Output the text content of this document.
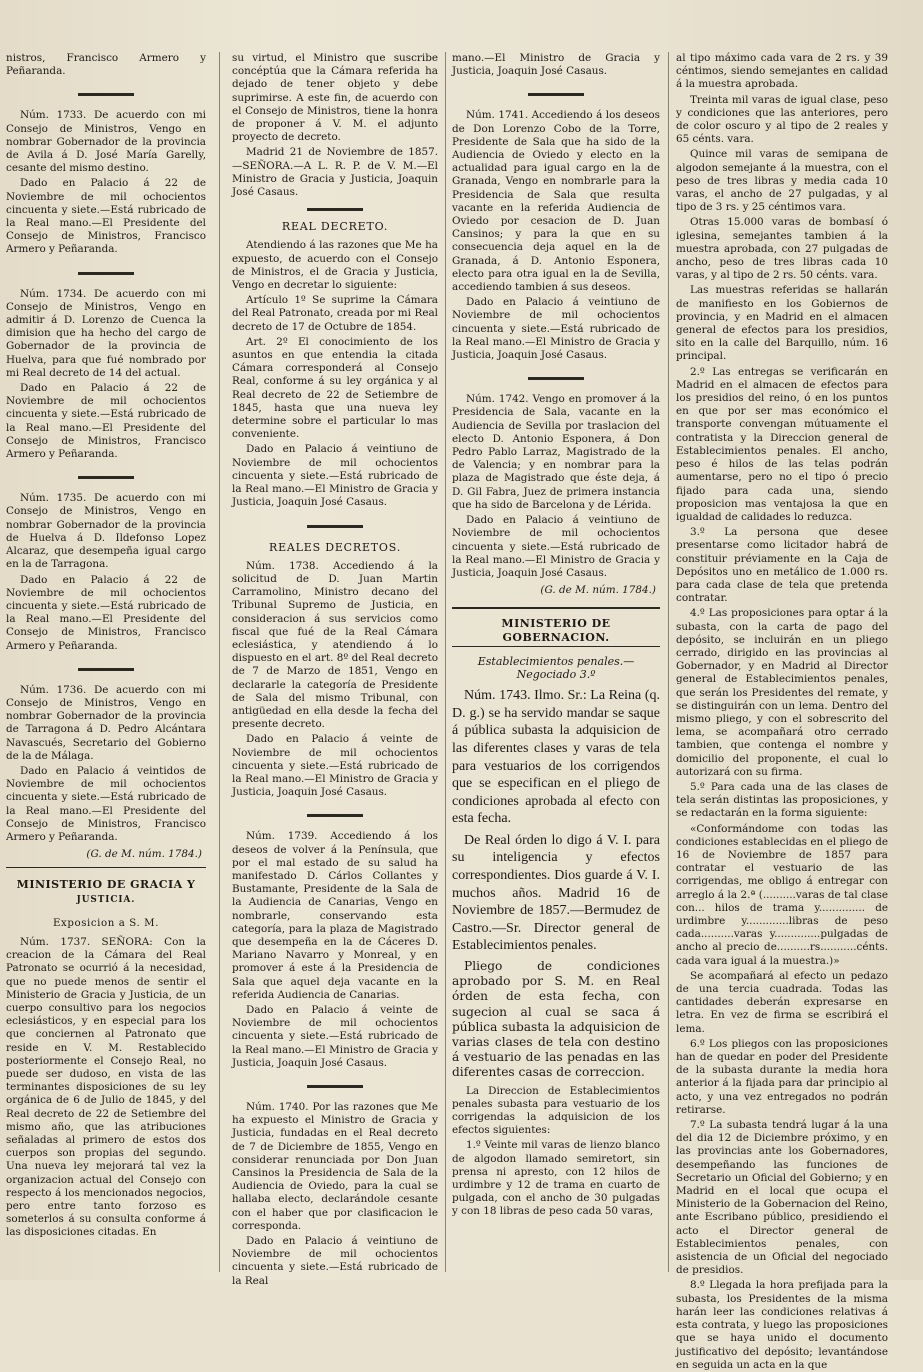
nistros, Francisco Armero y Peñaranda.

Núm. 1733. De acuerdo con mi Consejo de Ministros, Vengo en nombrar Gobernador de la provincia de Avila á D. José María Garelly, cesante del mismo destino.

Dado en Palacio á 22 de Noviembre de mil ochocientos cincuenta y siete.—Está rubricado de la Real mano.—El Presidente del Consejo de Ministros, Francisco Armero y Peñaranda.

Núm. 1734. De acuerdo con mi Consejo de Ministros, Vengo en admitir á D. Lorenzo de Cuenca la dimision que ha hecho del cargo de Gobernador de la provincia de Huelva, para que fué nombrado por mi Real decreto de 14 del actual.

Dado en Palacio á 22 de Noviembre de mil ochocientos cincuenta y siete.—Está rubricado de la Real mano.—El Presidente del Consejo de Ministros, Francisco Armero y Peñaranda.

Núm. 1735. De acuerdo con mi Consejo de Ministros, Vengo en nombrar Gobernador de la provincia de Huelva á D. Ildefonso Lopez Alcaraz, que desempeña igual cargo en la de Tarragona.

Dado en Palacio á 22 de Noviembre de mil ochocientos cincuenta y siete.—Está rubricado de la Real mano.—El Presidente del Consejo de Ministros, Francisco Armero y Peñaranda.

Núm. 1736. De acuerdo con mi Consejo de Ministros, Vengo en nombrar Gobernador de la provincia de Tarragona á D. Pedro Alcántara Navascués, Secretario del Gobierno de la de Málaga.

Dado en Palacio á veintidos de Noviembre de mil ochocientos cincuenta y siete.—Está rubricado de la Real mano.—El Presidente del Consejo de Ministros, Francisco Armero y Peñaranda.

(G. de M. núm. 1784.)

MINISTERIO DE GRACIA Y
JUSTICIA.
Exposicion a S. M.

Núm. 1737. SEÑORA: Con la creacion de la Cámara del Real Patronato se ocurrió á la necesidad, que no puede menos de sentir el Ministerio de Gracia y Justicia, de un cuerpo consultivo para los negocios eclesiásticos, y en especial para los que conciernen al Patronato que reside en V. M. Restablecido posteriormente el Consejo Real, no puede ser dudoso, en vista de las terminantes disposiciones de su ley orgánica de 6 de Julio de 1845, y del Real decreto de 22 de Setiembre del mismo año, que las atribuciones señaladas al primero de estos dos cuerpos son propias del segundo. Una nueva ley mejorará tal vez la organizacion actual del Consejo con respecto á los mencionados negocios, pero entre tanto forzoso es someterlos á su consulta conforme á las disposiciones citadas. En

su virtud, el Ministro que suscribe concéptúa que la Cámara referida ha dejado de tener objeto y debe suprimirse. A este fin, de acuerdo con el Consejo de Ministros, tiene la honra de proponer á V. M. el adjunto proyecto de decreto.

Madrid 21 de Noviembre de 1857.—SEÑORA.—A L. R. P. de V. M.—El Ministro de Gracia y Justicia, Joaquin José Casaus.

REAL DECRETO.

Atendiendo á las razones que Me ha expuesto, de acuerdo con el Consejo de Ministros, el de Gracia y Justicia, Vengo en decretar lo siguiente:

Artículo 1º Se suprime la Cámara del Real Patronato, creada por mi Real decreto de 17 de Octubre de 1854.

Art. 2º El conocimiento de los asuntos en que entendia la citada Cámara corresponderá al Consejo Real, conforme á su ley orgánica y al Real decreto de 22 de Setiembre de 1845, hasta que una nueva ley determine sobre el particular lo mas conveniente.

Dado en Palacio á veintiuno de Noviembre de mil ochocientos cincuenta y siete.—Está rubricado de la Real mano.—El Ministro de Gracia y Justicia, Joaquin José Casaus.

REALES DECRETOS.

Núm. 1738. Accediendo á la solicitud de D. Juan Martin Carramolino, Ministro decano del Tribunal Supremo de Justicia, en consideracion á sus servicios como fiscal que fué de la Real Cámara eclesiástica, y atendiendo á lo dispuesto en el art. 8º del Real decreto de 7 de Marzo de 1851, Vengo en declararle la categoría de Presidente de Sala del mismo Tribunal, con antigüedad en ella desde la fecha del presente decreto.

Dado en Palacio á veinte de Noviembre de mil ochocientos cincuenta y siete.—Está rubricado de la Real mano.—El Ministro de Gracia y Justicia, Joaquin José Casaus.

Núm. 1739. Accediendo á los deseos de volver á la Península, que por el mal estado de su salud ha manifestado D. Cárlos Collantes y Bustamante, Presidente de la Sala de la Audiencia de Canarias, Vengo en nombrarle, conservando esta categoría, para la plaza de Magistrado que desempeña en la de Cáceres D. Mariano Navarro y Monreal, y en promover á este á la Presidencia de Sala que aquel deja vacante en la referida Audiencia de Canarias.

Dado en Palacio á veinte de Noviembre de mil ochocientos cincuenta y siete.—Está rubricado de la Real mano.—El Ministro de Gracia y Justicia, Joaquin José Casaus.

Núm. 1740. Por las razones que Me ha expuesto el Ministro de Gracia y Justicia, fundadas en el Real decreto de 7 de Diciembre de 1855, Vengo en considerar renunciada por Don Juan Cansinos la Presidencia de Sala de la Audiencia de Oviedo, para la cual se hallaba electo, declarándole cesante con el haber que por clasificacion le corresponda.

Dado en Palacio á veintiuno de Noviembre de mil ochocientos cincuenta y siete.—Está rubricado de la Real

mano.—El Ministro de Gracia y Justicia, Joaquin José Casaus.

Núm. 1741. Accediendo á los deseos de Don Lorenzo Cobo de la Torre, Presidente de Sala que ha sido de la Audiencia de Oviedo y electo en la actualidad para igual cargo en la de Granada, Vengo en nombrarle para la Presidencia de Sala que resulta vacante en la referida Audiencia de Oviedo por cesacion de D. Juan Cansinos; y para la que en su consecuencia deja aquel en la de Granada, á D. Antonio Esponera, electo para otra igual en la de Sevilla, accediendo tambien á sus deseos.

Dado en Palacio á veintiuno de Noviembre de mil ochocientos cincuenta y siete.—Está rubricado de la Real mano.—El Ministro de Gracia y Justicia, Joaquin José Casaus.

Núm. 1742. Vengo en promover á la Presidencia de Sala, vacante en la Audiencia de Sevilla por traslacion del electo D. Antonio Esponera, á Don Pedro Pablo Larraz, Magistrado de la de Valencia; y en nombrar para la plaza de Magistrado que éste deja, á D. Gil Fabra, Juez de primera instancia que ha sido de Barcelona y de Lérida.

Dado en Palacio á veintiuno de Noviembre de mil ochocientos cincuenta y siete.—Está rubricado de la Real mano.—El Ministro de Gracia y Justicia, Joaquin José Casaus.

(G. de M. núm. 1784.)

MINISTERIO DE GOBERNACION.

Establecimientos penales.—Negociado 3.º

Núm. 1743. Ilmo. Sr.: La Reina (q. D. g.) se ha servido mandar se saque á pública subasta la adquisicion de las diferentes clases y varas de tela para vestuarios de los corrigendos que se especifican en el pliego de condiciones aprobada al efecto con esta fecha.

De Real órden lo digo á V. I. para su inteligencia y efectos correspondientes. Dios guarde á V. I. muchos años. Madrid 16 de Noviembre de 1857.—Bermudez de Castro.—Sr. Director general de Establecimientos penales.

Pliego de condiciones aprobado por S. M. en Real órden de esta fecha, con sugecion al cual se saca á pública subasta la adquisicion de varias clases de tela con destino á vestuario de las penadas en las diferentes casas de correccion.

La Direccion de Establecimientos penales subasta para vestuario de los corrigendas la adquisicion de los efectos siguientes:

1.º Veinte mil varas de lienzo blanco de algodon llamado semiretort, sin prensa ni apresto, con 12 hilos de urdimbre y 12 de trama en cuarto de pulgada, con el ancho de 30 pulgadas y con 18 libras de peso cada 50 varas,

al tipo máximo cada vara de 2 rs. y 39 céntimos, siendo semejantes en calidad á la muestra aprobada.

Treinta mil varas de igual clase, peso y condiciones que las anteriores, pero de color oscuro y al tipo de 2 reales y 65 cénts. vara.

Quince mil varas de semipana de algodon semejante á la muestra, con el peso de tres libras y media cada 10 varas, el ancho de 27 pulgadas, y al tipo de 3 rs. y 25 céntimos vara.

Otras 15.000 varas de bombasí ó iglesina, semejantes tambien á la muestra aprobada, con 27 pulgadas de ancho, peso de tres libras cada 10 varas, y al tipo de 2 rs. 50 cénts. vara.

Las muestras referidas se hallarán de manifiesto en los Gobiernos de provincia, y en Madrid en el almacen general de efectos para los presidios, sito en la calle del Barquillo, núm. 16 principal.

2.º Las entregas se verificarán en Madrid en el almacen de efectos para los presidios del reino, ó en los puntos en que por ser mas económico el transporte convengan mútuamente el contratista y la Direccion general de Establecimientos penales. El ancho, peso é hilos de las telas podrán aumentarse, pero no el tipo ó precio fijado para cada una, siendo proposicion mas ventajosa la que en igualdad de calidades lo reduzca.

3.º La persona que desee presentarse como licitador habrá de constituir préviamente en la Caja de Depósitos uno en metálico de 1.000 rs. para cada clase de tela que pretenda contratar.

4.º Las proposiciones para optar á la subasta, con la carta de pago del depósito, se incluirán en un pliego cerrado, dirigido en las provincias al Gobernador, y en Madrid al Director general de Establecimientos penales, que serán los Presidentes del remate, y se distinguirán con un lema. Dentro del mismo pliego, y con el sobrescrito del lema, se acompañará otro cerrado tambien, que contenga el nombre y domicilio del proponente, el cual lo autorizará con su firma.

5.º Para cada una de las clases de tela serán distintas las proposiciones, y se redactarán en la forma siguiente:

«Conformándome con todas las condiciones establecidas en el pliego de 16 de Noviembre de 1857 para contratar el vestuario de las corrigendas, me obligo á entregar con arreglo á la 2.ª (..........varas de tal clase con... hilos de trama y.............. de urdimbre y.............libras de peso cada..........varas y..............pulgadas de ancho al precio de..........rs...........cénts. cada vara igual á la muestra.)»

Se acompañará al efecto un pedazo de una tercia cuadrada. Todas las cantidades deberán expresarse en letra. En vez de firma se escribirá el lema.

6.º Los pliegos con las proposiciones han de quedar en poder del Presidente de la subasta durante la media hora anterior á la fijada para dar principio al acto, y una vez entregados no podrán retirarse.

7.º La subasta tendrá lugar á la una del dia 12 de Diciembre próximo, y en las provincias ante los Gobernadores, desempeñando las funciones de Secretario un Oficial del Gobierno; y en Madrid en el local que ocupa el Ministerio de la Gobernacion del Reino, ante Escribano público, presidiendo el acto el Director general de Establecimientos penales, con asistencia de un Oficial del negociado de presidios.

8.º Llegada la hora prefijada para la subasta, los Presidentes de la misma harán leer las condiciones relativas á esta contrata, y luego las proposiciones que se haya unido el documento justificativo del depósito; levantándose en seguida un acta en la que
